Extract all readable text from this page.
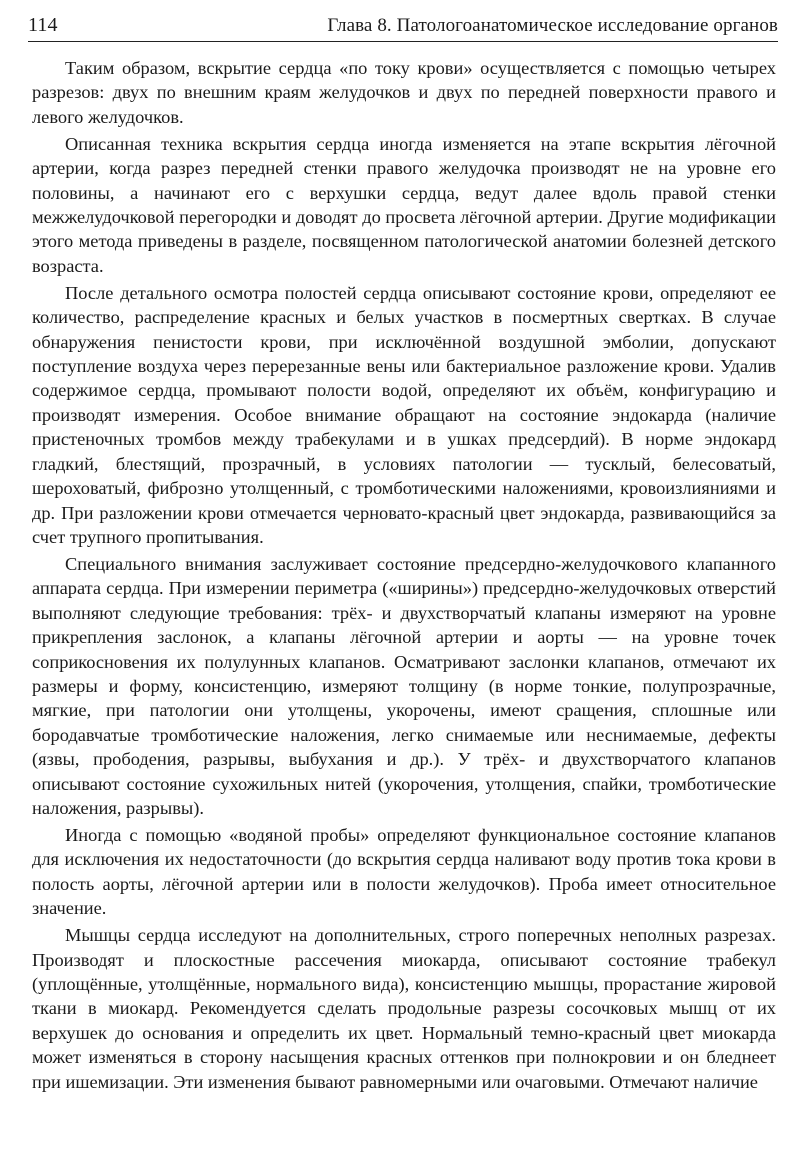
114	Глава 8. Патологоанатомическое исследование органов

Таким образом, вскрытие сердца «по току крови» осуществляется с помощью четырех разрезов: двух по внешним краям желудочков и двух по передней поверхности правого и левого желудочков.

Описанная техника вскрытия сердца иногда изменяется на этапе вскрытия лёгочной артерии, когда разрез передней стенки правого желудочка производят не на уровне его половины, а начинают его с верхушки сердца, ведут далее вдоль правой стенки межжелудочковой перегородки и доводят до просвета лёгочной артерии. Другие модификации этого метода приведены в разделе, посвященном патологической анатомии болезней детского возраста.

После детального осмотра полостей сердца описывают состояние крови, определяют ее количество, распределение красных и белых участков в посмертных свертках. В случае обнаружения пенистости крови, при исключённой воздушной эмболии, допускают поступление воздуха через перерезанные вены или бактериальное разложение крови. Удалив содержимое сердца, промывают полости водой, определяют их объём, конфигурацию и производят измерения. Особое внимание обращают на состояние эндокарда (наличие пристеночных тромбов между трабекулами и в ушках предсердий). В норме эндокард гладкий, блестящий, прозрачный, в условиях патологии — тусклый, белесоватый, шероховатый, фиброзно утолщенный, с тромботическими наложениями, кровоизлияниями и др. При разложении крови отмечается черновато-красный цвет эндокарда, развивающийся за счет трупного пропитывания.

Специального внимания заслуживает состояние предсердно-желудочкового клапанного аппарата сердца. При измерении периметра («ширины») предсердно-желудочковых отверстий выполняют следующие требования: трёх- и двухстворчатый клапаны измеряют на уровне прикрепления заслонок, а клапаны лёгочной артерии и аорты — на уровне точек соприкосновения их полулунных клапанов. Осматривают заслонки клапанов, отмечают их размеры и форму, консистенцию, измеряют толщину (в норме тонкие, полупрозрачные, мягкие, при патологии они утолщены, укорочены, имеют сращения, сплошные или бородавчатые тромботические наложения, легко снимаемые или неснимаемые, дефекты (язвы, прободения, разрывы, выбухания и др.). У трёх- и двухстворчатого клапанов описывают состояние сухожильных нитей (укорочения, утолщения, спайки, тромботические наложения, разрывы).

Иногда с помощью «водяной пробы» определяют функциональное состояние клапанов для исключения их недостаточности (до вскрытия сердца наливают воду против тока крови в полость аорты, лёгочной артерии или в полости желудочков). Проба имеет относительное значение.

Мышцы сердца исследуют на дополнительных, строго поперечных неполных разрезах. Производят и плоскостные рассечения миокарда, описывают состояние трабекул (уплощённые, утолщённые, нормального вида), консистенцию мышцы, прорастание жировой ткани в миокард. Рекомендуется сделать продольные разрезы сосочковых мышц от их верхушек до основания и определить их цвет. Нормальный темно-красный цвет миокарда может изменяться в сторону насыщения красных оттенков при полнокровии и он бледнеет при ишемизации. Эти изменения бывают равномерными или очаговыми. Отмечают наличие
